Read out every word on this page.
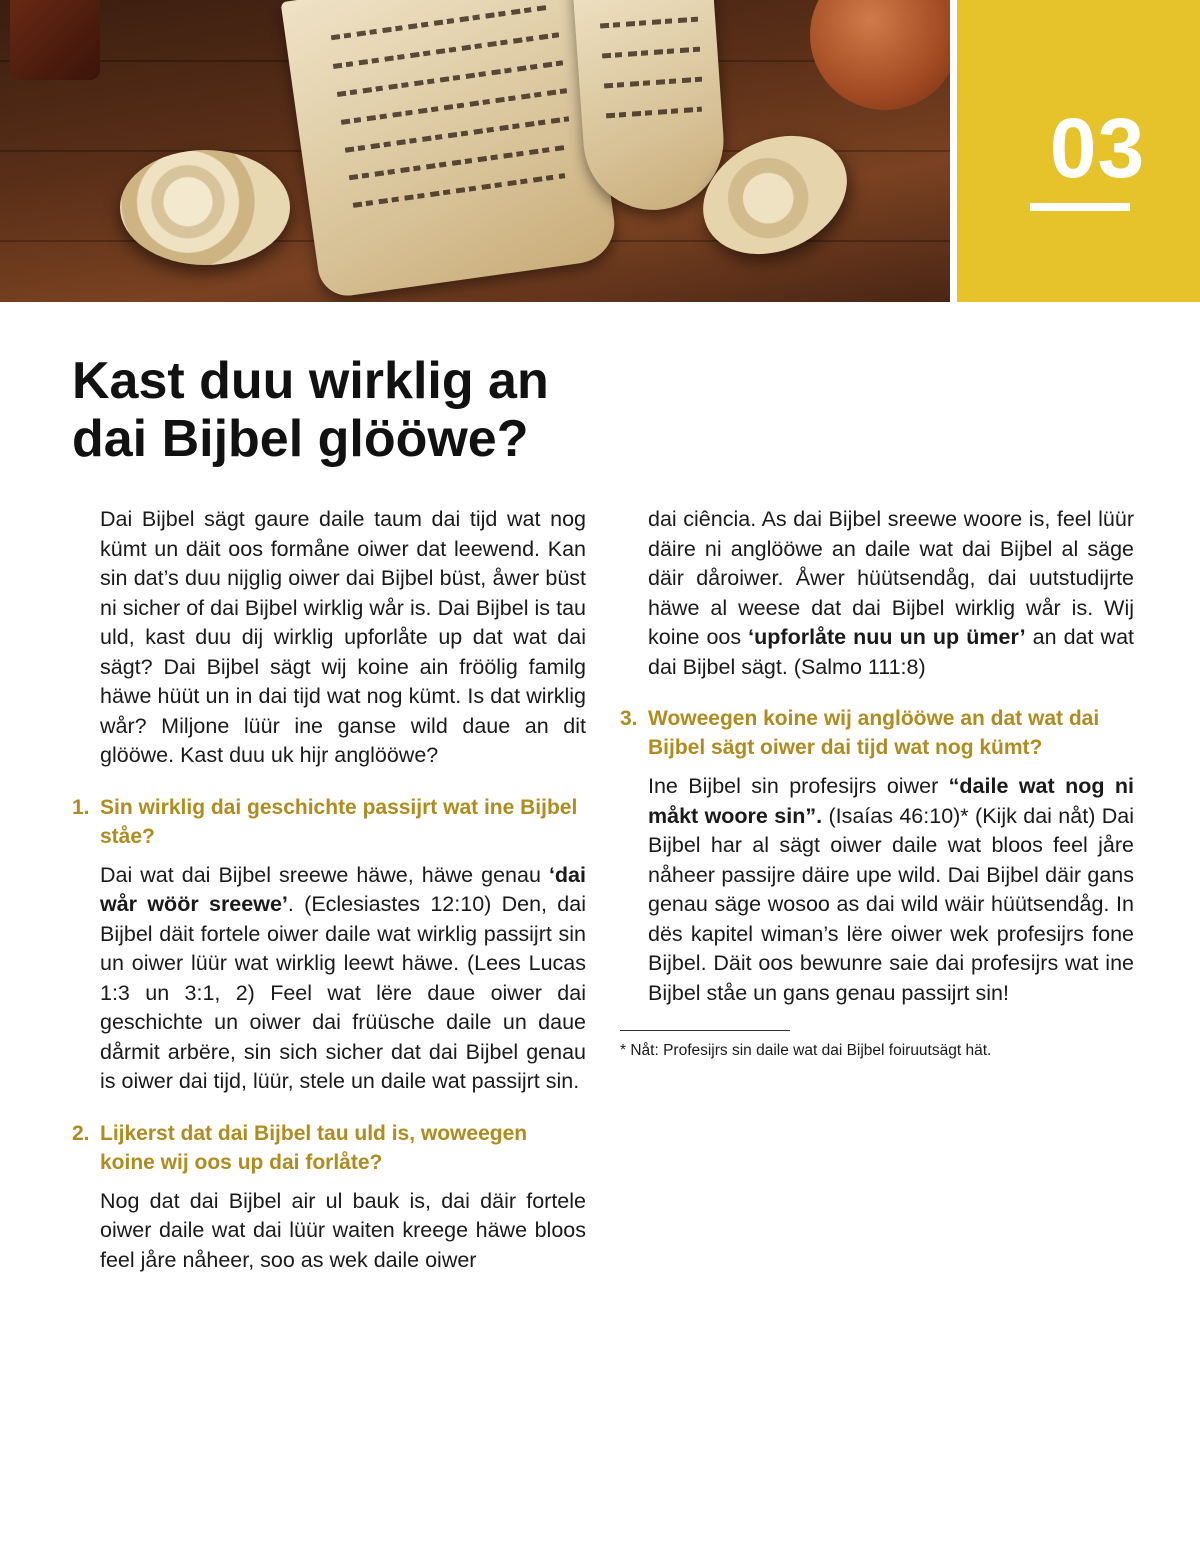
03
Kast duu wirklig an dai Bijbel glööwe?

Dai Bijbel sägt gaure daile taum dai tijd wat nog kümt un däit oos formåne oiwer dat leewend. Kan sin dat’s duu nijglig oiwer dai Bijbel büst, åwer büst ni sicher of dai Bijbel wirklig wår is. Dai Bijbel is tau uld, kast duu dij wirklig upforlåte up dat wat dai sägt? Dai Bijbel sägt wij koine ain fröölig familg häwe hüüt un in dai tijd wat nog kümt. Is dat wirklig wår? Miljone lüür ine ganse wild daue an dit glööwe. Kast duu uk hijr anglööwe?

1. Sin wirklig dai geschichte passijrt wat ine Bijbel ståe?

Dai wat dai Bijbel sreewe häwe, häwe genau ‘dai wår wöör sreewe’. (Eclesiastes 12:10) Den, dai Bijbel däit fortele oiwer daile wat wirklig passijrt sin un oiwer lüür wat wirklig leewt häwe. (Lees Lucas 1:3 un 3:1, 2) Feel wat lëre daue oiwer dai geschichte un oiwer dai früüsche daile un daue dårmit arbëre, sin sich sicher dat dai Bijbel genau is oiwer dai tijd, lüür, stele un daile wat passijrt sin.

2. Lijkerst dat dai Bijbel tau uld is, woweegen koine wij oos up dai forlåte?

Nog dat dai Bijbel air ul bauk is, dai däir fortele oiwer daile wat dai lüür waiten kreege häwe bloos feel jåre nåheer, soo as wek daile oiwer

dai ciência. As dai Bijbel sreewe woore is, feel lüür däire ni anglööwe an daile wat dai Bijbel al säge däir dåroiwer. Åwer hüütsendåg, dai uutstudijrte häwe al weese dat dai Bijbel wirklig wår is. Wij koine oos ‘upforlåte nuu un up ümer’ an dat wat dai Bijbel sägt. (Salmo 111:8)

3. Woweegen koine wij anglööwe an dat wat dai Bijbel sägt oiwer dai tijd wat nog kümt?

Ine Bijbel sin profesijrs oiwer “daile wat nog ni måkt woore sin”. (Isaías 46:10)* (Kijk dai nåt) Dai Bijbel har al sägt oiwer daile wat bloos feel jåre nåheer passijre däire upe wild. Dai Bijbel däir gans genau säge wosoo as dai wild wäir hüütsendåg. In dës kapitel wiman’s lëre oiwer wek profesijrs fone Bijbel. Däit oos bewunre saie dai profesijrs wat ine Bijbel ståe un gans genau passijrt sin!

* Nåt: Profesijrs sin daile wat dai Bijbel foiruutsägt hät.
